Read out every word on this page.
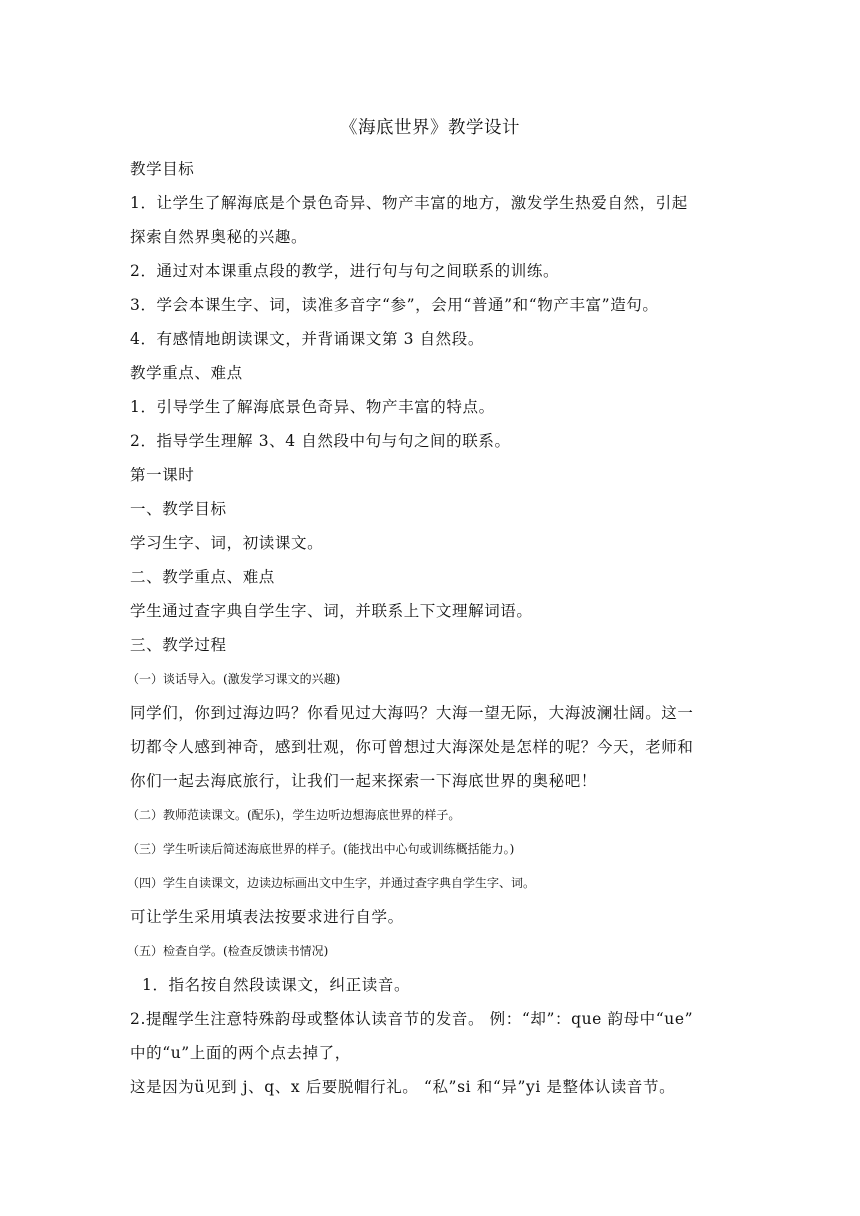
《海底世界》教学设计
教学目标
1．让学生了解海底是个景色奇异、物产丰富的地方，激发学生热爱自然，引起
探索自然界奥秘的兴趣。
2．通过对本课重点段的教学，进行句与句之间联系的训练。
3．学会本课生字、词，读准多音字“参”，会用“普通”和“物产丰富”造句。
4．有感情地朗读课文，并背诵课文第 3 自然段。
教学重点、难点
1．引导学生了解海底景色奇异、物产丰富的特点。
2．指导学生理解 3、4 自然段中句与句之间的联系。
第一课时
一、教学目标
学习生字、词，初读课文。
二、教学重点、难点
学生通过查字典自学生字、词，并联系上下文理解词语。
三、教学过程
（一）谈话导入。(激发学习课文的兴趣)
同学们，你到过海边吗？你看见过大海吗？大海一望无际，大海波澜壮阔。这一
切都令人感到神奇，感到壮观，你可曾想过大海深处是怎样的呢？今天，老师和
你们一起去海底旅行，让我们一起来探索一下海底世界的奥秘吧！
（二）教师范读课文。(配乐)，学生边听边想海底世界的样子。
（三）学生听读后简述海底世界的样子。(能找出中心句或训练概括能力。)
（四）学生自读课文，边读边标画出文中生字，并通过查字典自学生字、词。
可让学生采用填表法按要求进行自学。
（五）检查自学。(检查反馈读书情况)
1．指名按自然段读课文，纠正读音。
2.提醒学生注意特殊韵母或整体认读音节的发音。 例：“却”：que 韵母中“ue”
中的“u”上面的两个点去掉了，
这是因为ü见到 j、q、x 后要脱帽行礼。 “私”si 和“异”yi 是整体认读音节。
